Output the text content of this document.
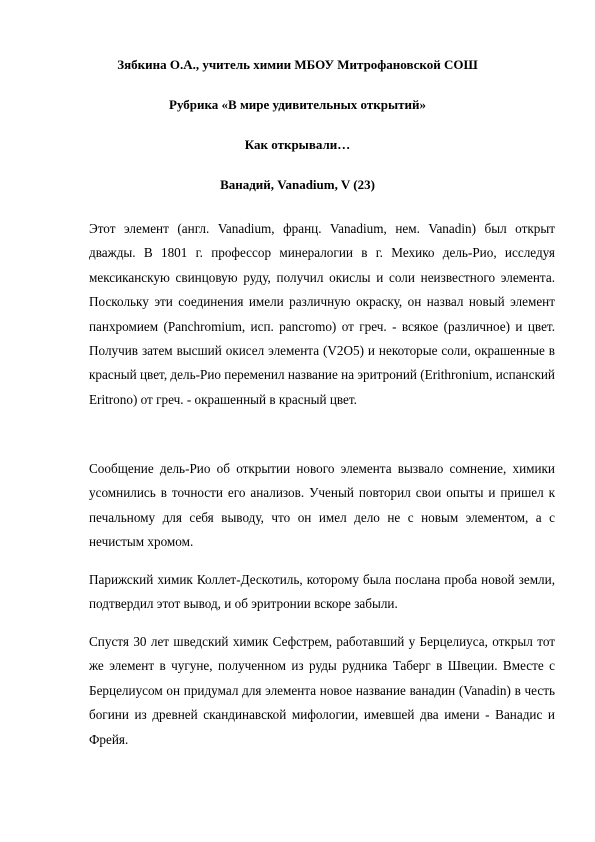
Зябкина О.А., учитель химии МБОУ Митрофановской СОШ
Рубрика «В мире удивительных открытий»
Как открывали…
Ванадий, Vanadium, V (23)
Этот элемент (англ. Vanadium, франц. Vanadium, нем. Vanadin) был открыт дважды. В 1801 г. профессор минералогии в г. Мехико дель-Рио, исследуя мексиканскую свинцовую руду, получил окислы и соли неизвестного элемента. Поскольку эти соединения имели различную окраску, он назвал новый элемент панхромием (Panchromium, исп. pancromo) от греч. - всякое (различное) и цвет. Получив затем высший окисел элемента (V2O5) и некоторые соли, окрашенные в красный цвет, дель-Рио переменил название на эритроний (Erithronium, испанский Eritrono) от греч. - окрашенный в красный цвет.
Сообщение дель-Рио об открытии нового элемента вызвало сомнение, химики усомнились в точности его анализов. Ученый повторил свои опыты и пришел к печальному для себя выводу, что он имел дело не с новым элементом, а с нечистым хромом.
Парижский химик Коллет-Дескотиль, которому была послана проба новой земли, подтвердил этот вывод, и об эритронии вскоре забыли.
Спустя 30 лет шведский химик Сефстрем, работавший у Берцелиуса, открыл тот же элемент в чугуне, полученном из руды рудника Таберг в Швеции. Вместе с Берцелиусом он придумал для элемента новое название ванадин (Vanadin) в честь богини из древней скандинавской мифологии, имевшей два имени - Ванадис и Фрейя.
